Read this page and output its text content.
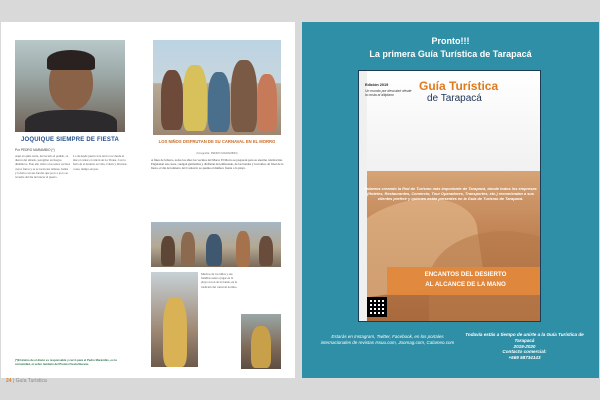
JOQUIQUE SIEMPRE DE FIESTA
Por PEDRO MARAMBIO (*)
Aquí en quite sucia, del recudo el pedido, se dieron del sábado, peregrino en fuegos dinámicos. Este año visitó a las sanos vecinos cuyos frutos y se se tacan sus talleres, bailes y la feria con sus faroles que poco a poco se revestía del día de buscar el puerto.
Lo da desde puerto trae tan la voz desde el mar el cantar el cantón de La Tirana. Con la feria de el desierto su vida, Caleta y diversas cosas, tiempo en paz.
(*)El ánimo de el diario es responsable y cerró para el Pedro Marambio, es la comunidad, el señor también del Premio Fiesta Nuevas.
LOS NIÑOS DISFRUTAN DE SU CARNAVAL EN EL MORRO
(fotografía: PEDRO MARAMBIO)
A fines de febrero, todos los años los vecinos del Morro El Morro se preparan para su enorme celebración. Engalanan sus casas, cuelgan guirnaldas y disfrutan del enfiestado, de las bandas y los bailes. Al final de la fiesta, el día del entierro del Carnaval, se quema el muñeco frente a la playa.
Muchos de los niños y sus familias salen a jugar en la playa al son de la banda, en la tradición del carnaval nortino.
24 | Guía Turística
Pronto!!!
La primera Guía Turística de Tarapacá
Edición 2019
Un mundo por descubrir desde la costa al altiplano
Guía Turística
de Tarapacá
Estamos creando la Red de Turismo más importante de Tarapacá, donde todos los empresas (Hoteles, Restaurantes, Comercio, Tour Operadores, Transportes, etc.) recomiendan a sus clientes preferir y quienes están presentes en la Guía de Turismo de Tarapacá.
ENCANTOS DEL DESIERTO
AL ALCANCE DE LA MANO
Estarás en Instagram, Twitter, Facebook, en los portales internacionales de revistas Issuu.com, Joomag.com, Calameo.com
Todavía estás a tiempo de unirte a la Guía Turística de Tarapacá
2019-2020
Contacto comercial:
+569 58734143
